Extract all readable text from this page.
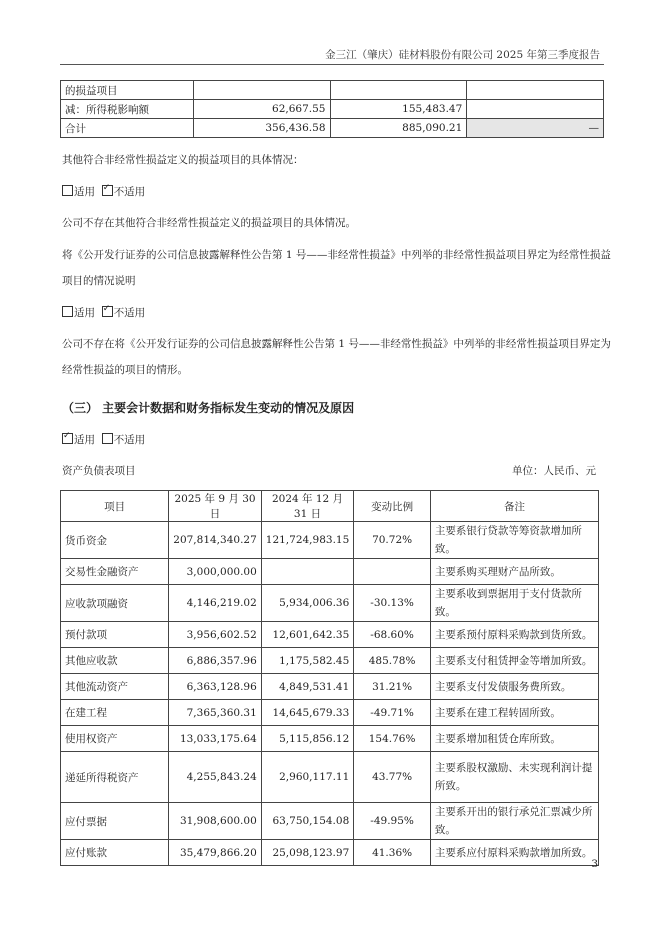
金三江（肇庆）硅材料股份有限公司 2025 年第三季度报告
的损益项目			
减：所得税影响额	62,667.55	155,483.47	
合计	356,436.58	885,090.21	—
其他符合非经常性损益定义的损益项目的具体情况：
适用 ✓ 不适用
公司不存在其他符合非经常性损益定义的损益项目的具体情况。
将《公开发行证券的公司信息披露解释性公告第 1 号——非经常性损益》中列举的非经常性损益项目界定为经常性损益
项目的情况说明
适用 ✓ 不适用
公司不存在将《公开发行证券的公司信息披露解释性公告第 1 号——非经常性损益》中列举的非经常性损益项目界定为
经常性损益的项目的情形。
（三） 主要会计数据和财务指标发生变动的情况及原因
✓适用 不适用
资产负债表项目	单位：人民币、元
项目	2025 年 9 月 30 日	2024 年 12 月 31 日	变动比例	备注
货币资金	207,814,340.27	121,724,983.15	70.72%	主要系银行贷款等筹资款增加所致。
交易性金融资产	3,000,000.00			主要系购买理财产品所致。
应收款项融资	4,146,219.02	5,934,006.36	-30.13%	主要系收到票据用于支付货款所致。
预付款项	3,956,602.52	12,601,642.35	-68.60%	主要系预付原料采购款到货所致。
其他应收款	6,886,357.96	1,175,582.45	485.78%	主要系支付租赁押金等增加所致。
其他流动资产	6,363,128.96	4,849,531.41	31.21%	主要系支付发债服务费所致。
在建工程	7,365,360.31	14,645,679.33	-49.71%	主要系在建工程转固所致。
使用权资产	13,033,175.64	5,115,856.12	154.76%	主要系增加租赁仓库所致。
递延所得税资产	4,255,843.24	2,960,117.11	43.77%	主要系股权激励、未实现利润计提所致。
应付票据	31,908,600.00	63,750,154.08	-49.95%	主要系开出的银行承兑汇票减少所致。
应付账款	35,479,866.20	25,098,123.97	41.36%	主要系应付原料采购款增加所致。
3
